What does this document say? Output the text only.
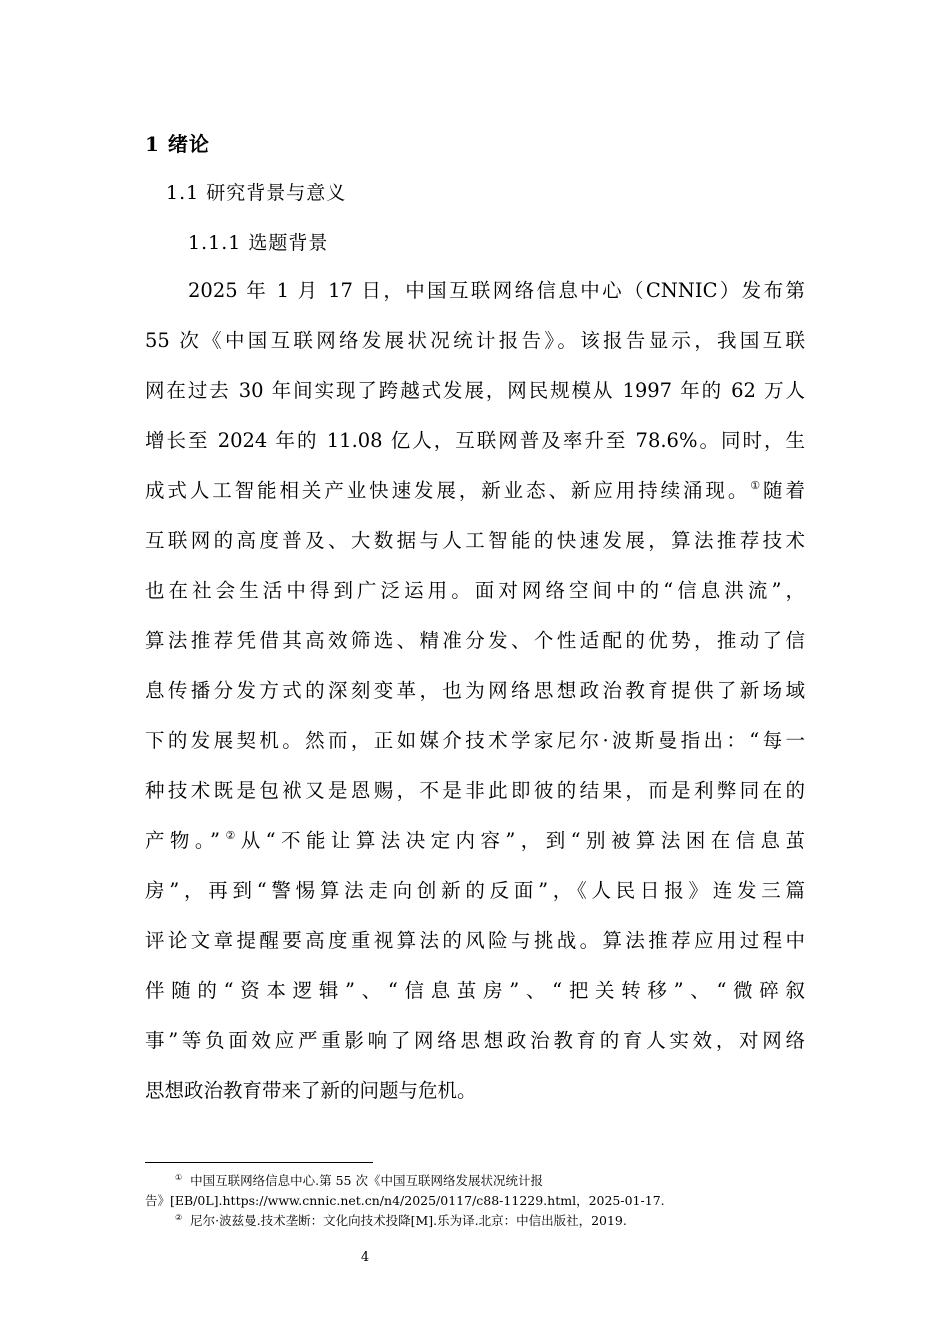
1 绪论
1.1 研究背景与意义
1.1.1 选题背景
2025 年 1 月 17 日，中国互联网络信息中心（CNNIC）发布第
55 次《中国互联网络发展状况统计报告》。该报告显示，我国互联
网在过去 30 年间实现了跨越式发展，网民规模从 1997 年的 62 万人
增长至 2024 年的 11.08 亿人，互联网普及率升至 78.6%。同时，生
成式人工智能相关产业快速发展，新业态、新应用持续涌现。①随着
互联网的高度普及、大数据与人工智能的快速发展，算法推荐技术
也在社会生活中得到广泛运用。面对网络空间中的“信息洪流”，
算法推荐凭借其高效筛选、精准分发、个性适配的优势，推动了信
息传播分发方式的深刻变革，也为网络思想政治教育提供了新场域
下的发展契机。然而，正如媒介技术学家尼尔·波斯曼指出：“每一
种技术既是包袱又是恩赐，不是非此即彼的结果，而是利弊同在的
产物。”②从“不能让算法决定内容”，到“别被算法困在信息茧
房”，再到“警惕算法走向创新的反面”，《人民日报》连发三篇
评论文章提醒要高度重视算法的风险与挑战。算法推荐应用过程中
伴随的“资本逻辑”、“信息茧房”、“把关转移”、“微碎叙
事”等负面效应严重影响了网络思想政治教育的育人实效，对网络
思想政治教育带来了新的问题与危机。
① 中国互联网络信息中心.第 55 次《中国互联网络发展状况统计报
告》[EB/0L].https://www.cnnic.net.cn/n4/2025/0117/c88-11229.html，2025-01-17.
② 尼尔·波兹曼.技术垄断：文化向技术投降[M].乐为译.北京：中信出版社，2019.
4
